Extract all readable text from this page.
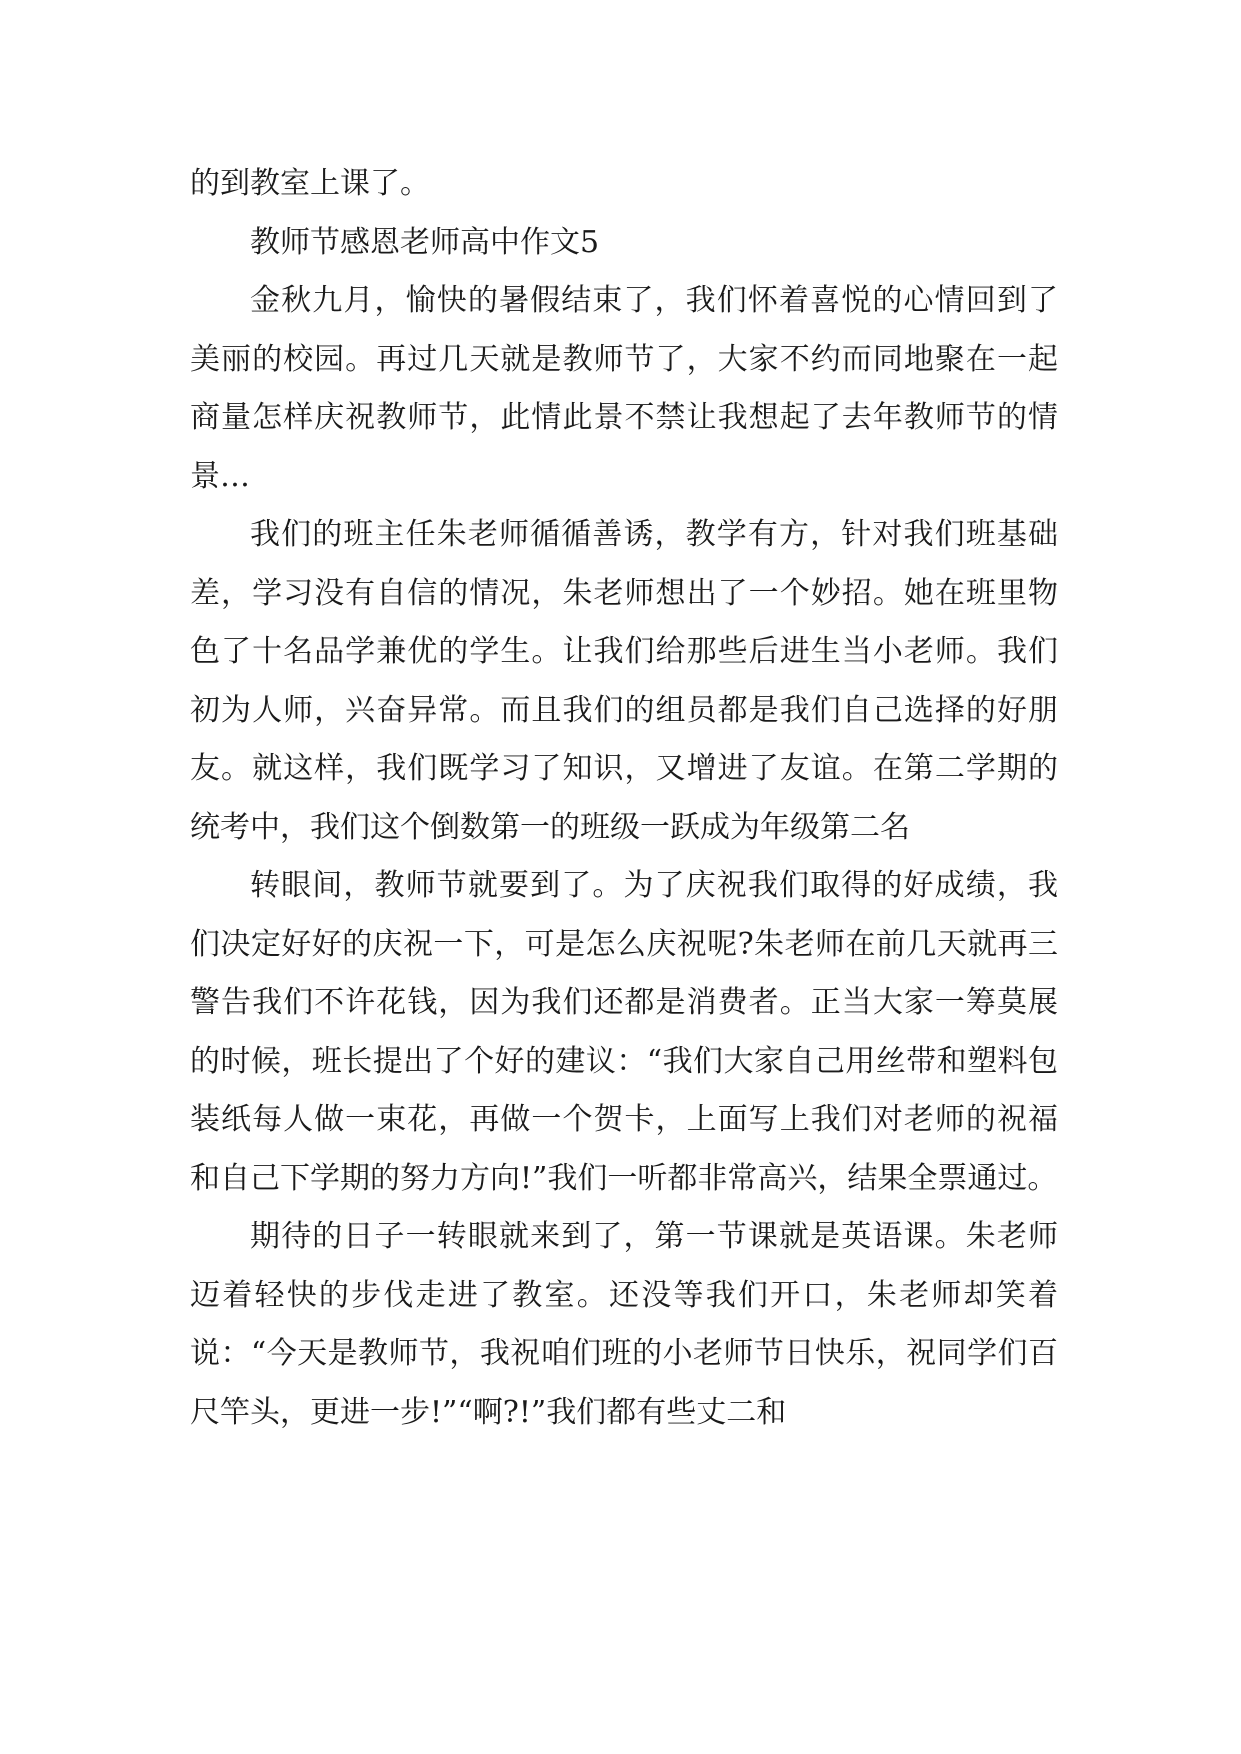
的到教室上课了。

教师节感恩老师高中作文5

金秋九月，愉快的暑假结束了，我们怀着喜悦的心情回到了美丽的校园。再过几天就是教师节了，大家不约而同地聚在一起商量怎样庆祝教师节，此情此景不禁让我想起了去年教师节的情景…

我们的班主任朱老师循循善诱，教学有方，针对我们班基础差，学习没有自信的情况，朱老师想出了一个妙招。她在班里物色了十名品学兼优的学生。让我们给那些后进生当小老师。我们初为人师，兴奋异常。而且我们的组员都是我们自己选择的好朋友。就这样，我们既学习了知识，又增进了友谊。在第二学期的统考中，我们这个倒数第一的班级一跃成为年级第二名

转眼间，教师节就要到了。为了庆祝我们取得的好成绩，我们决定好好的庆祝一下，可是怎么庆祝呢?朱老师在前几天就再三警告我们不许花钱，因为我们还都是消费者。正当大家一筹莫展的时候，班长提出了个好的建议：“我们大家自己用丝带和塑料包装纸每人做一束花，再做一个贺卡，上面写上我们对老师的祝福和自己下学期的努力方向!”我们一听都非常高兴，结果全票通过。

期待的日子一转眼就来到了，第一节课就是英语课。朱老师迈着轻快的步伐走进了教室。还没等我们开口，朱老师却笑着说：“今天是教师节，我祝咱们班的小老师节日快乐，祝同学们百尺竿头，更进一步!”“啊?!”我们都有些丈二和
